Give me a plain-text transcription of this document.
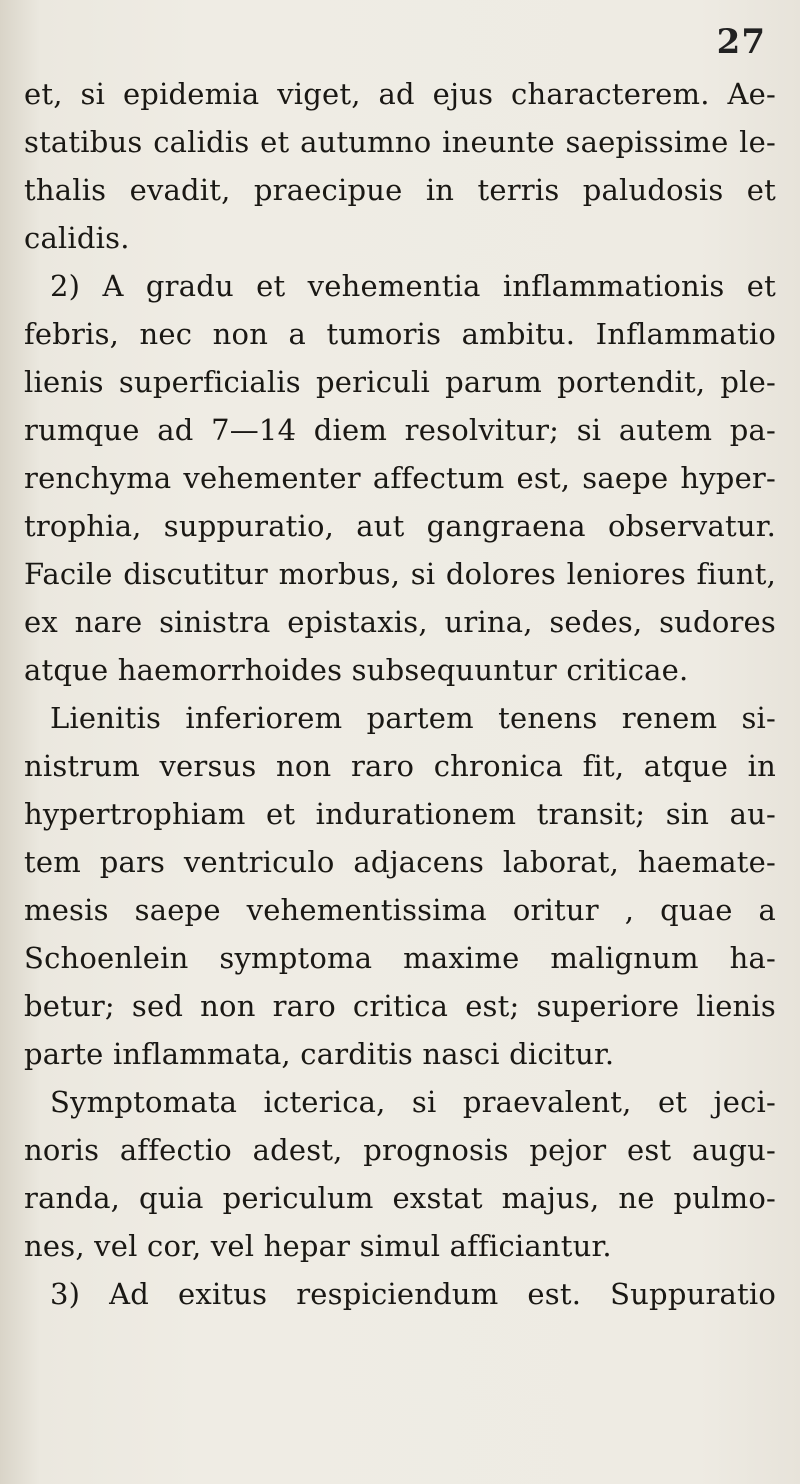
27
et, si epidemia viget, ad ejus characterem. Ae-
statibus calidis et autumno ineunte saepissime le-
thalis evadit, praecipue in terris paludosis et
calidis.
2) A gradu et vehementia inflammationis et
febris, nec non a tumoris ambitu. Inflammatio
lienis superficialis periculi parum portendit, ple-
rumque ad 7—14 diem resolvitur; si autem pa-
renchyma vehementer affectum est, saepe hyper-
trophia, suppuratio, aut gangraena observatur.
Facile discutitur morbus, si dolores leniores fiunt,
ex nare sinistra epistaxis, urina, sedes, sudores
atque haemorrhoides subsequuntur criticae.
Lienitis inferiorem partem tenens renem si-
nistrum versus non raro chronica fit, atque in
hypertrophiam et indurationem transit; sin au-
tem pars ventriculo adjacens laborat, haemate-
mesis saepe vehementissima oritur , quae a
Schoenlein symptoma maxime malignum ha-
betur; sed non raro critica est; superiore lienis
parte inflammata, carditis nasci dicitur.
Symptomata icterica, si praevalent, et jeci-
noris affectio adest, prognosis pejor est augu-
randa, quia periculum exstat majus, ne pulmo-
nes, vel cor, vel hepar simul afficiantur.
3) Ad exitus respiciendum est. Suppuratio
